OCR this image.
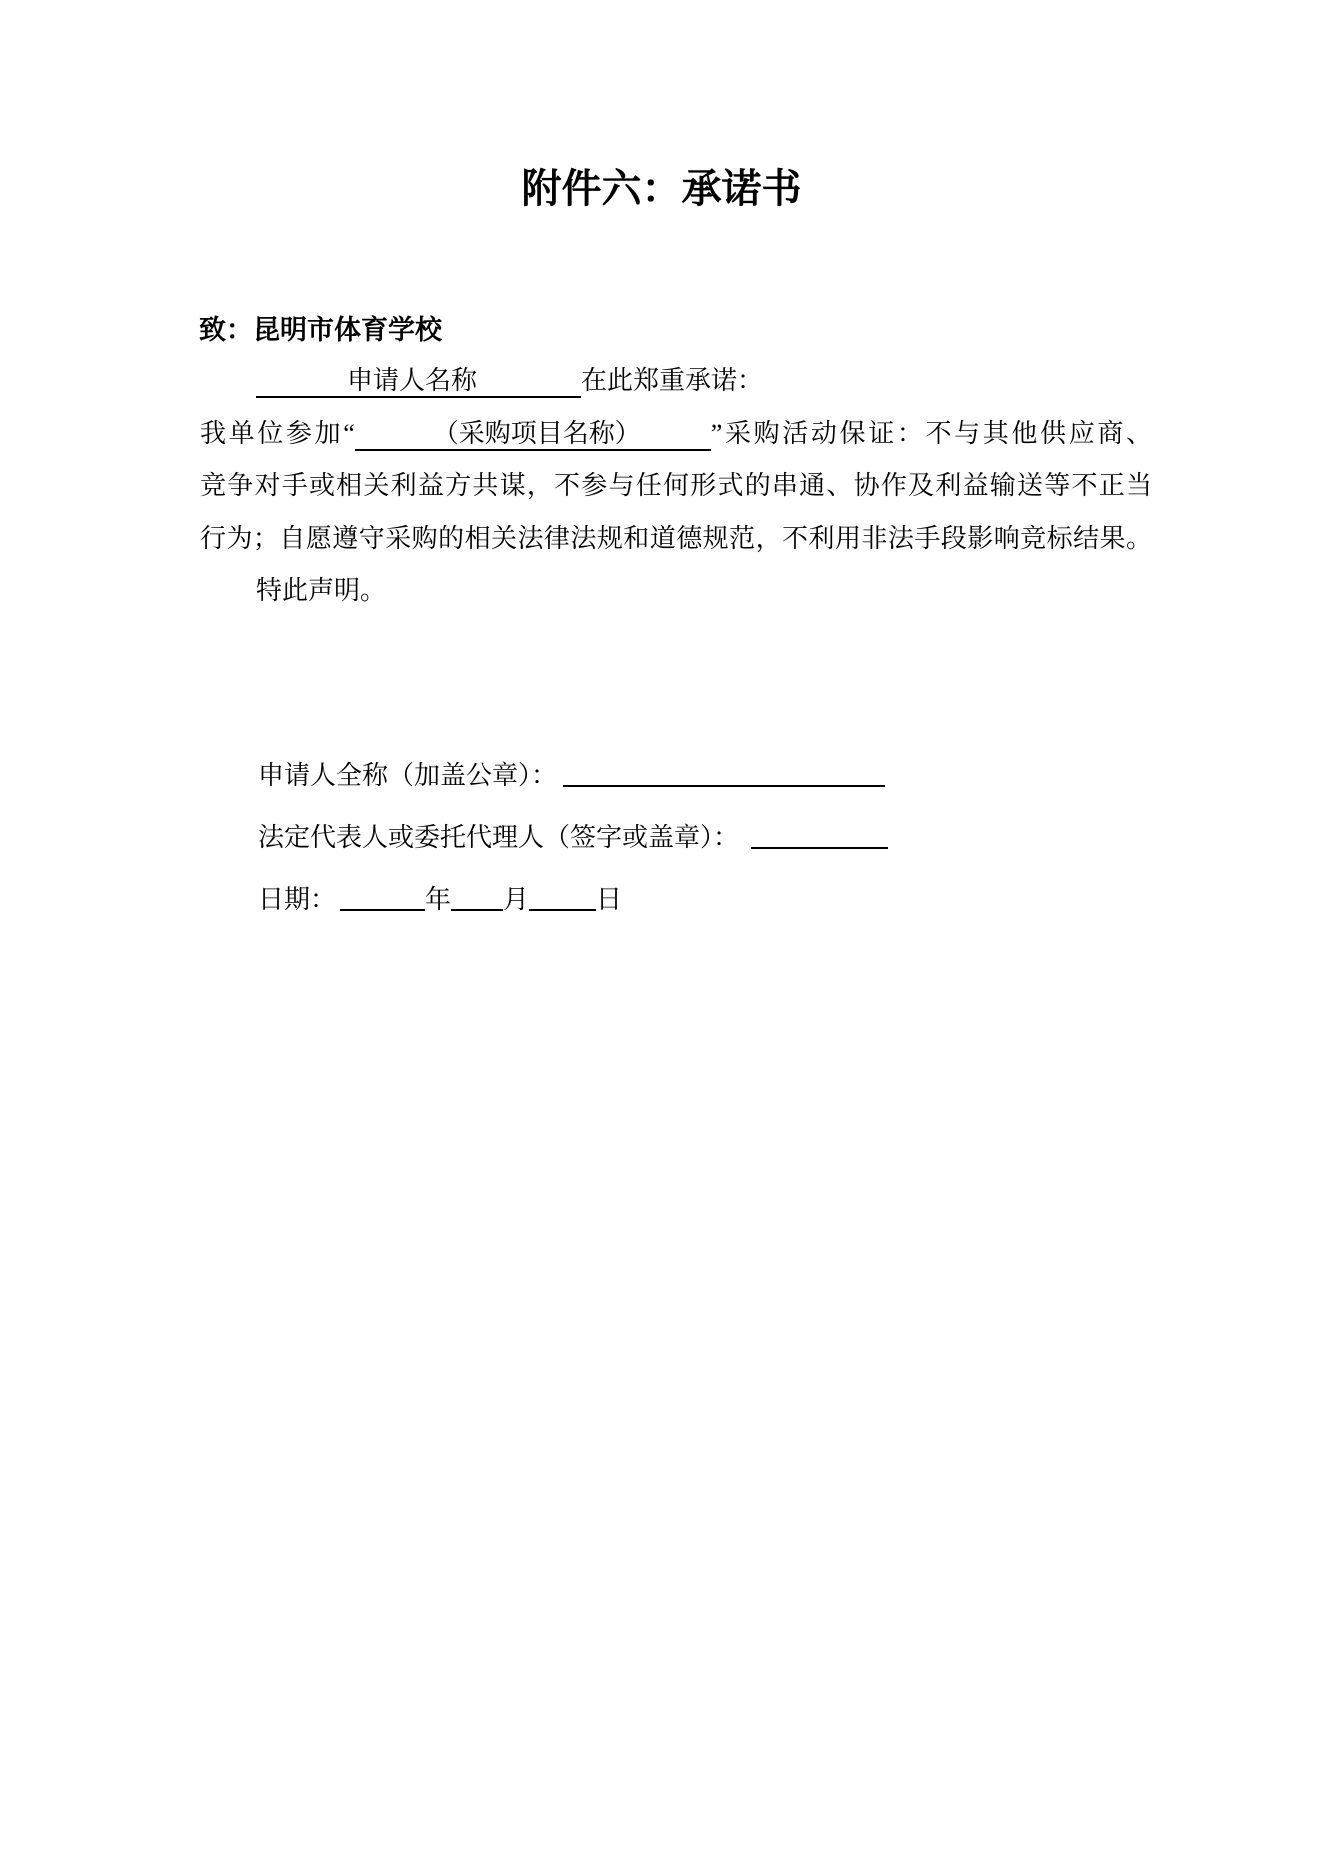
附件六：承诺书
致：昆明市体育学校
申请人名称	在此郑重承诺：
我单位参加“	（采购项目名称）	”采购活动保证：不与其他供应商、
竞争对手或相关利益方共谋，不参与任何形式的串通、协作及利益输送等不正当
行为；自愿遵守采购的相关法律法规和道德规范，不利用非法手段影响竞标结果。
特此声明。
申请人全称（加盖公章）：
法定代表人或委托代理人（签字或盖章）：
日期：	年 月	日
